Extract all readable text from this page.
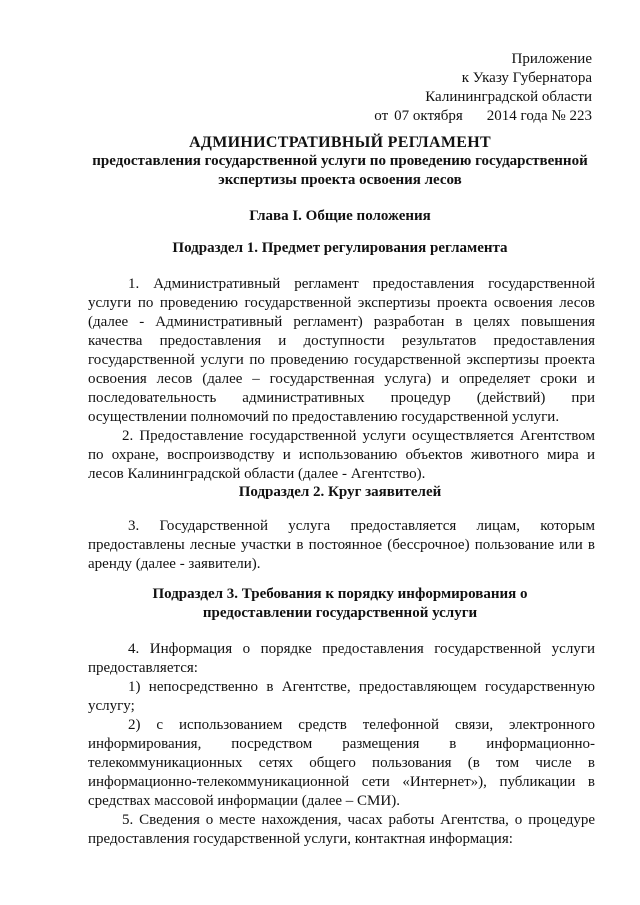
Приложение
к Указу Губернатора
Калининградской области
от 07 октября 2014 года № 223
АДМИНИСТРАТИВНЫЙ РЕГЛАМЕНТ
предоставления государственной услуги по проведению государственной
экспертизы проекта освоения лесов
Глава I. Общие положения
Подраздел 1. Предмет регулирования регламента

1. Административный регламент предоставления государственной услуги по проведению государственной экспертизы проекта освоения лесов (далее - Административный регламент) разработан в целях повышения качества предоставления и доступности результатов предоставления государственной услуги по проведению государственной экспертизы проекта освоения лесов (далее – государственная услуга) и определяет сроки и последовательность административных процедур (действий) при осуществлении полномочий по предоставлению государственной услуги.

2. Предоставление государственной услуги осуществляется Агентством по охране, воспроизводству и использованию объектов животного мира и лесов Калининградской области (далее - Агентство).

Подраздел 2. Круг заявителей

3. Государственной услуга предоставляется лицам, которым предоставлены лесные участки в постоянное (бессрочное) пользование или в аренду (далее - заявители).

Подраздел 3. Требования к порядку информирования о
предоставлении государственной услуги

4. Информация о порядке предоставления государственной услуги предоставляется:

1) непосредственно в Агентстве, предоставляющем государственную услугу;

2) с использованием средств телефонной связи, электронного информирования, посредством размещения в информационно-телекоммуникационных сетях общего пользования (в том числе в информационно-телекоммуникационной сети «Интернет»), публикации в средствах массовой информации (далее – СМИ).

5. Сведения о месте нахождения, часах работы Агентства, о процедуре предоставления государственной услуги, контактная информация:
